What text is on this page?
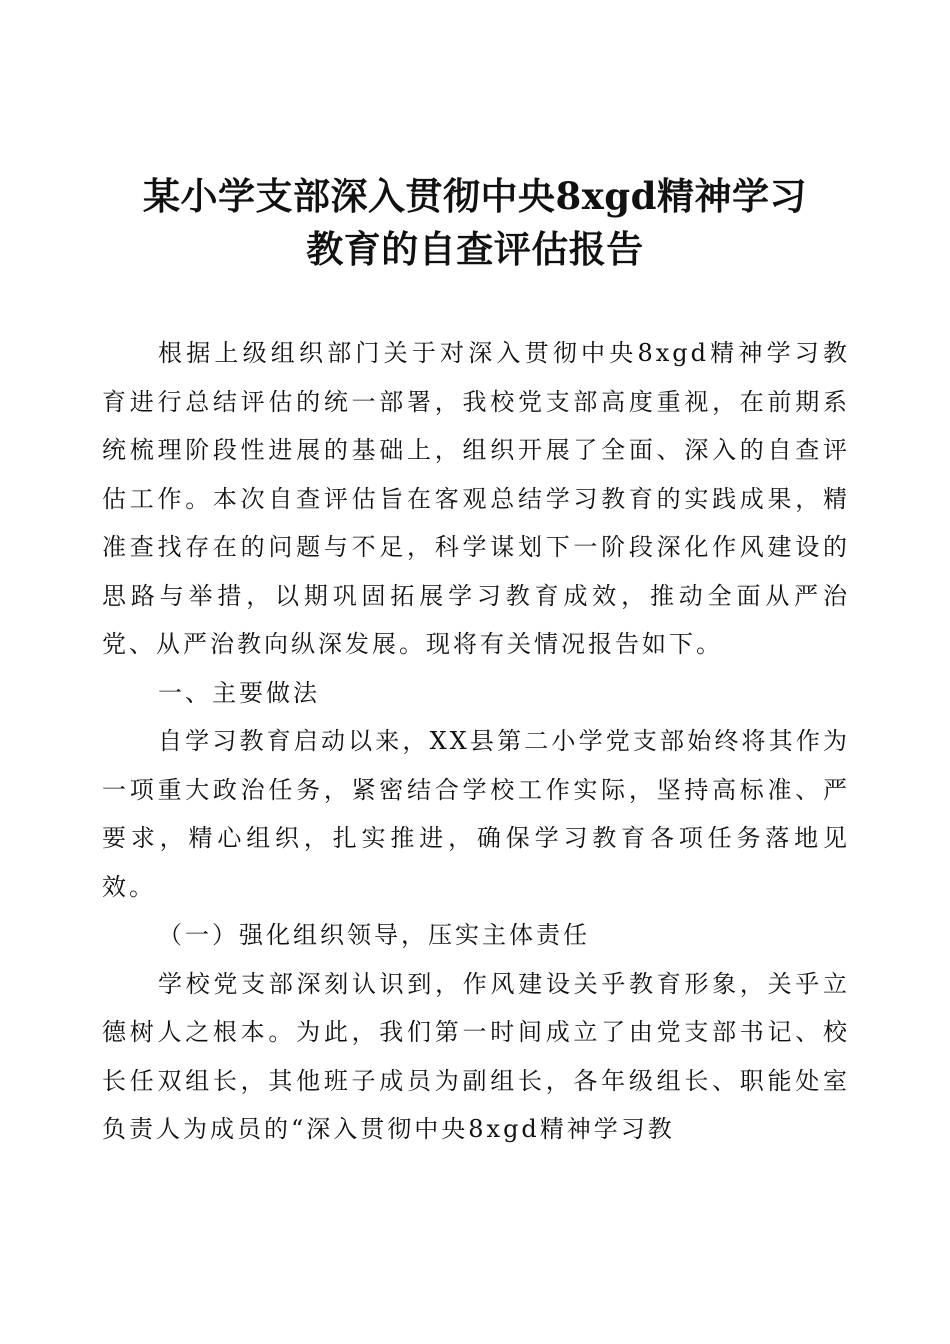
某小学支部深入贯彻中央8xgd精神学习
教育的自查评估报告

根据上级组织部门关于对深入贯彻中央8xgd精神学习教育进行总结评估的统一部署，我校党支部高度重视，在前期系统梳理阶段性进展的基础上，组织开展了全面、深入的自查评估工作。本次自查评估旨在客观总结学习教育的实践成果，精准查找存在的问题与不足，科学谋划下一阶段深化作风建设的思路与举措，以期巩固拓展学习教育成效，推动全面从严治党、从严治教向纵深发展。现将有关情况报告如下。

一、主要做法

自学习教育启动以来，XX县第二小学党支部始终将其作为一项重大政治任务，紧密结合学校工作实际，坚持高标准、严要求，精心组织，扎实推进，确保学习教育各项任务落地见效。

（一）强化组织领导，压实主体责任

学校党支部深刻认识到，作风建设关乎教育形象，关乎立德树人之根本。为此，我们第一时间成立了由党支部书记、校长任双组长，其他班子成员为副组长，各年级组长、职能处室负责人为成员的“深入贯彻中央8xgd精神学习教
